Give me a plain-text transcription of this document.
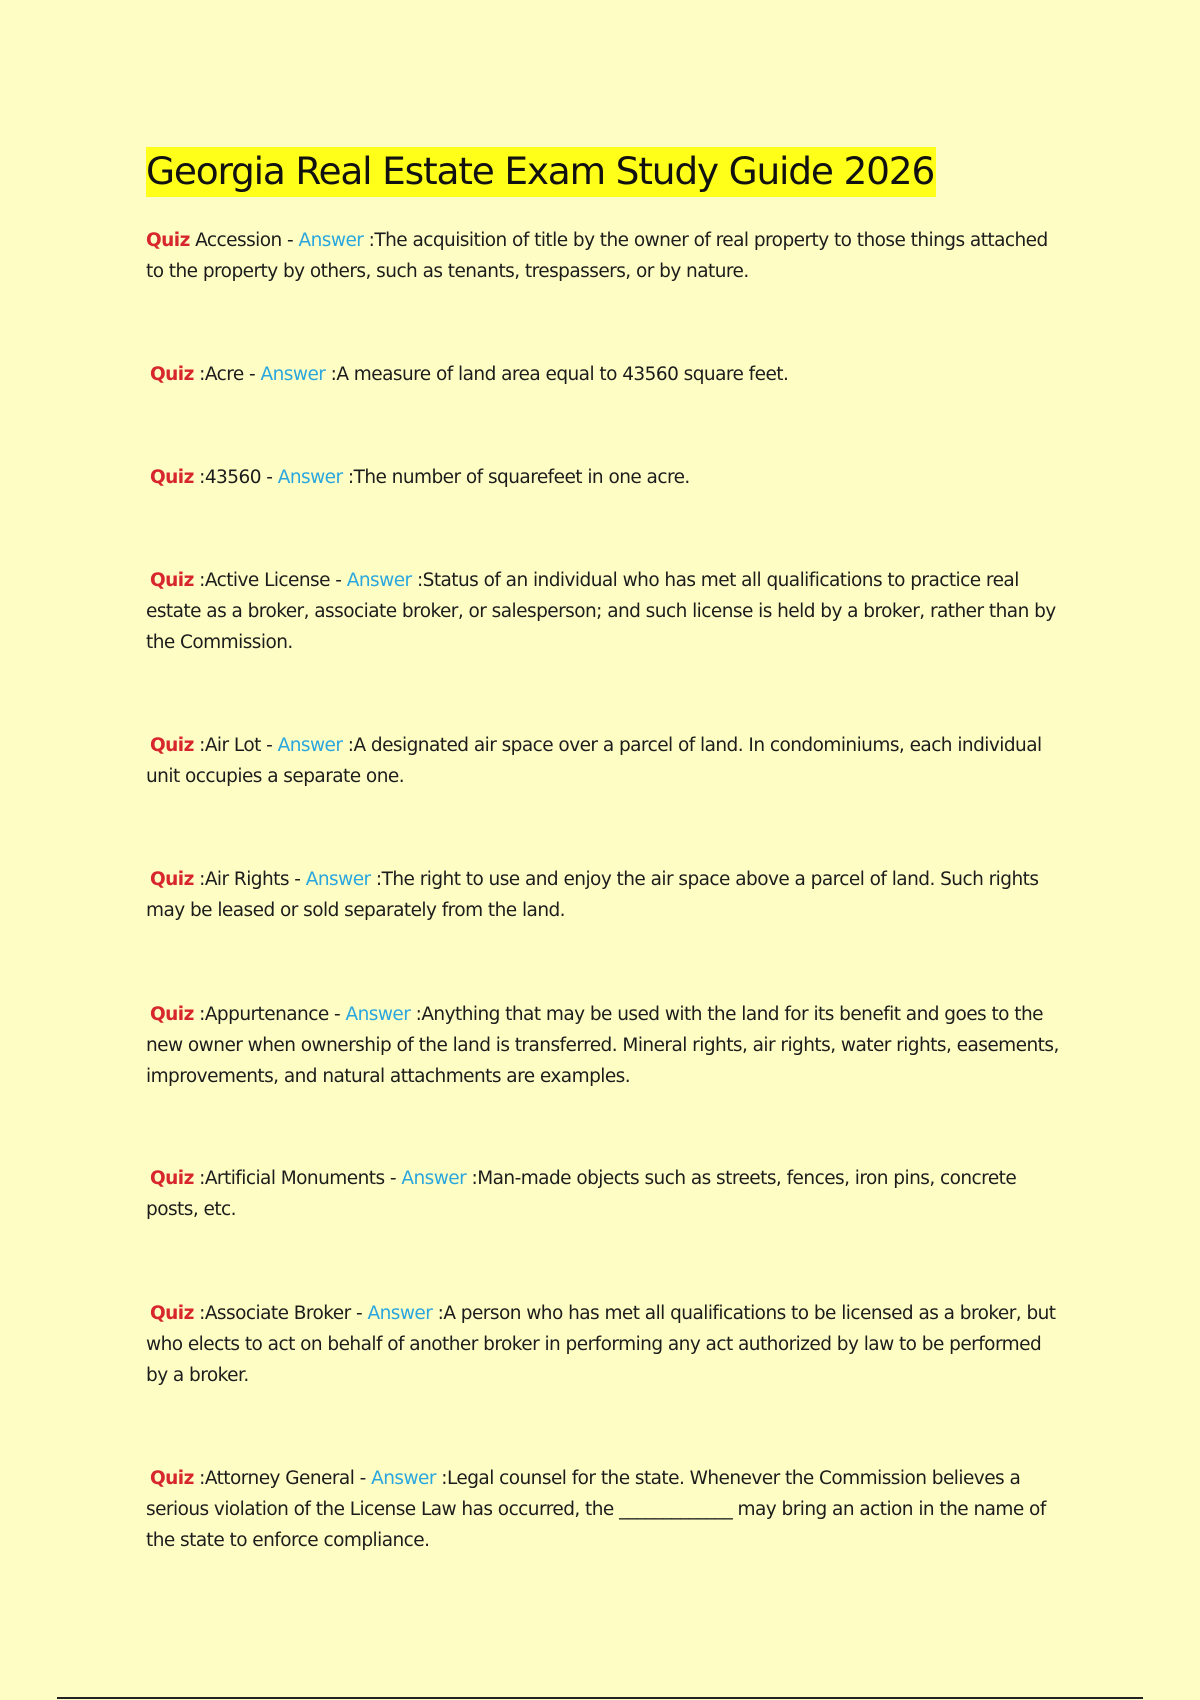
Georgia Real Estate Exam Study Guide 2026

Quiz Accession - Answer :The acquisition of title by the owner of real property to those things attached to the property by others, such as tenants, trespassers, or by nature.

Quiz :Acre - Answer :A measure of land area equal to 43560 square feet.

Quiz :43560 - Answer :The number of squarefeet in one acre.

Quiz :Active License - Answer :Status of an individual who has met all qualifications to practice real estate as a broker, associate broker, or salesperson; and such license is held by a broker, rather than by the Commission.

Quiz :Air Lot - Answer :A designated air space over a parcel of land. In condominiums, each individual unit occupies a separate one.

Quiz :Air Rights - Answer :The right to use and enjoy the air space above a parcel of land. Such rights may be leased or sold separately from the land.

Quiz :Appurtenance - Answer :Anything that may be used with the land for its benefit and goes to the new owner when ownership of the land is transferred. Mineral rights, air rights, water rights, easements, improvements, and natural attachments are examples.

Quiz :Artificial Monuments - Answer :Man-made objects such as streets, fences, iron pins, concrete posts, etc.

Quiz :Associate Broker - Answer :A person who has met all qualifications to be licensed as a broker, but who elects to act on behalf of another broker in performing any act authorized by law to be performed by a broker.

Quiz :Attorney General - Answer :Legal counsel for the state. Whenever the Commission believes a serious violation of the License Law has occurred, the _____________ may bring an action in the name of the state to enforce compliance.
